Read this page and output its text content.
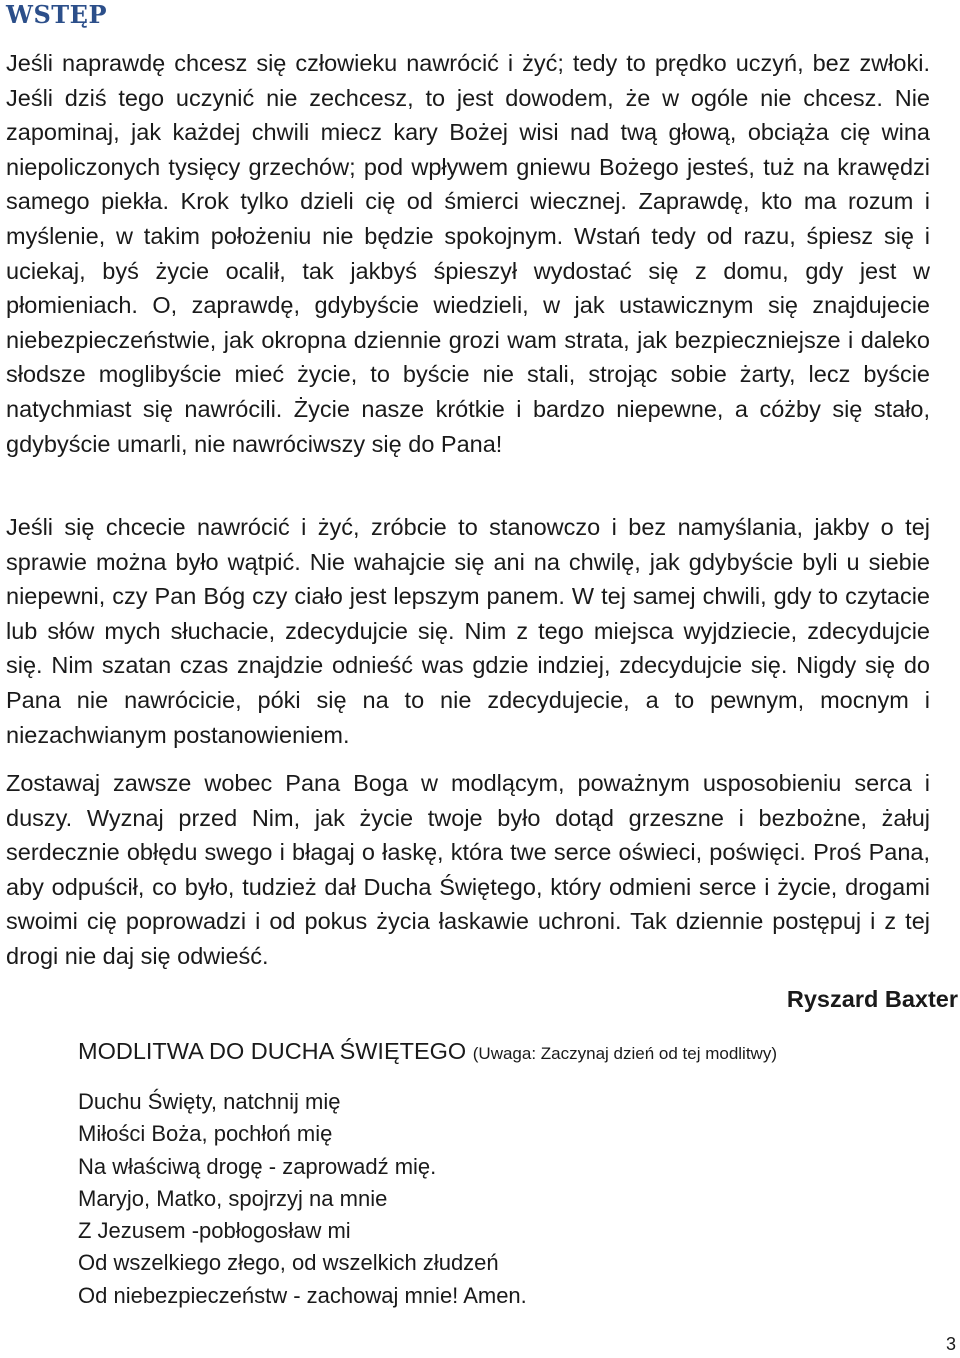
WSTĘP

Jeśli naprawdę chcesz się człowieku nawrócić i żyć; tedy to prędko uczyń, bez zwłoki. Jeśli dziś tego uczynić nie zechcesz, to jest dowodem, że w ogóle nie chcesz. Nie zapominaj, jak każdej chwili miecz kary Bożej wisi nad twą głową, obciąża cię wina niepoliczonych tysięcy grzechów; pod wpływem gniewu Bożego jesteś, tuż na krawędzi samego piekła. Krok tylko dzieli cię od śmierci wiecznej. Zaprawdę, kto ma rozum i myślenie, w takim położeniu nie będzie spokojnym. Wstań tedy od razu, śpiesz się i uciekaj, byś życie ocalił, tak jakbyś śpieszył wydostać się z domu, gdy jest w płomieniach. O, zaprawdę, gdybyście wiedzieli, w jak ustawicznym się znajdujecie niebezpieczeństwie, jak okropna dziennie grozi wam strata, jak bezpieczniejsze i daleko słodsze moglibyście mieć życie, to byście nie stali, strojąc sobie żarty, lecz byście natychmiast się nawrócili. Życie nasze krótkie i bardzo niepewne, a cóżby się stało, gdybyście umarli, nie nawróciwszy się do Pana!

Jeśli się chcecie nawrócić i żyć, zróbcie to stanowczo i bez namyślania, jakby o tej sprawie można było wątpić. Nie wahajcie się ani na chwilę, jak gdybyście byli u siebie niepewni, czy Pan Bóg czy ciało jest lepszym panem. W tej samej chwili, gdy to czytacie lub słów mych słuchacie, zdecydujcie się. Nim z tego miejsca wyjdziecie, zdecydujcie się. Nim szatan czas znajdzie odnieść was gdzie indziej, zdecydujcie się. Nigdy się do Pana nie nawrócicie, póki się na to nie zdecydujecie, a to pewnym, mocnym i niezachwianym postanowieniem.

Zostawaj zawsze wobec Pana Boga w modlącym, poważnym usposobieniu serca i duszy. Wyznaj przed Nim, jak życie twoje było dotąd grzeszne i bezbożne, żałuj serdecznie obłędu swego i błagaj o łaskę, która twe serce oświeci, poświęci. Proś Pana, aby odpuścił, co było, tudzież dał Ducha Świętego, który odmieni serce i życie, drogami swoimi cię poprowadzi i od pokus życia łaskawie uchroni. Tak dziennie postępuj i z tej drogi nie daj się odwieść.

Ryszard Baxter
MODLITWA DO DUCHA ŚWIĘTEGO (Uwaga: Zaczynaj dzień od tej modlitwy)
Duchu Święty, natchnij mię
Miłości Boża, pochłoń mię
Na właściwą drogę - zaprowadź mię.
Maryjo, Matko, spojrzyj na mnie
Z Jezusem -pobłogosław mi
Od wszelkiego złego, od wszelkich złudzeń
Od niebezpieczeństw - zachowaj mnie! Amen.
3
